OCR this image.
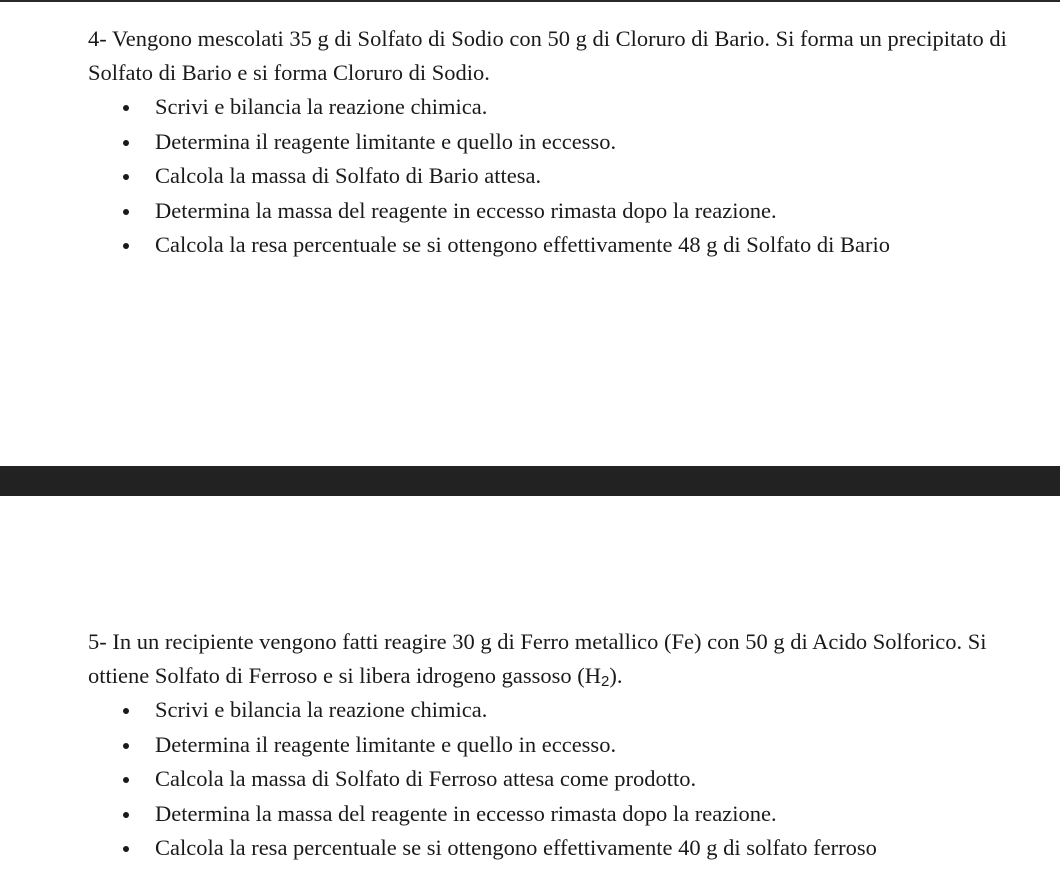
4- Vengono mescolati 35 g di Solfato di Sodio con 50 g di Cloruro di Bario. Si forma un precipitato di Solfato di Bario e si forma Cloruro di Sodio.

Scrivi e bilancia la reazione chimica.
Determina il reagente limitante e quello in eccesso.
Calcola la massa di Solfato di Bario attesa.
Determina la massa del reagente in eccesso rimasta dopo la reazione.
Calcola la resa percentuale se si ottengono effettivamente 48 g di Solfato di Bario

5- In un recipiente vengono fatti reagire 30 g di Ferro metallico (Fe) con 50 g di Acido Solforico. Si ottiene Solfato di Ferroso e si libera idrogeno gassoso $(H_2)$.

Scrivi e bilancia la reazione chimica.
Determina il reagente limitante e quello in eccesso.
Calcola la massa di Solfato di Ferroso attesa come prodotto.
Determina la massa del reagente in eccesso rimasta dopo la reazione.
Calcola la resa percentuale se si ottengono effettivamente 40 g di solfato ferroso
